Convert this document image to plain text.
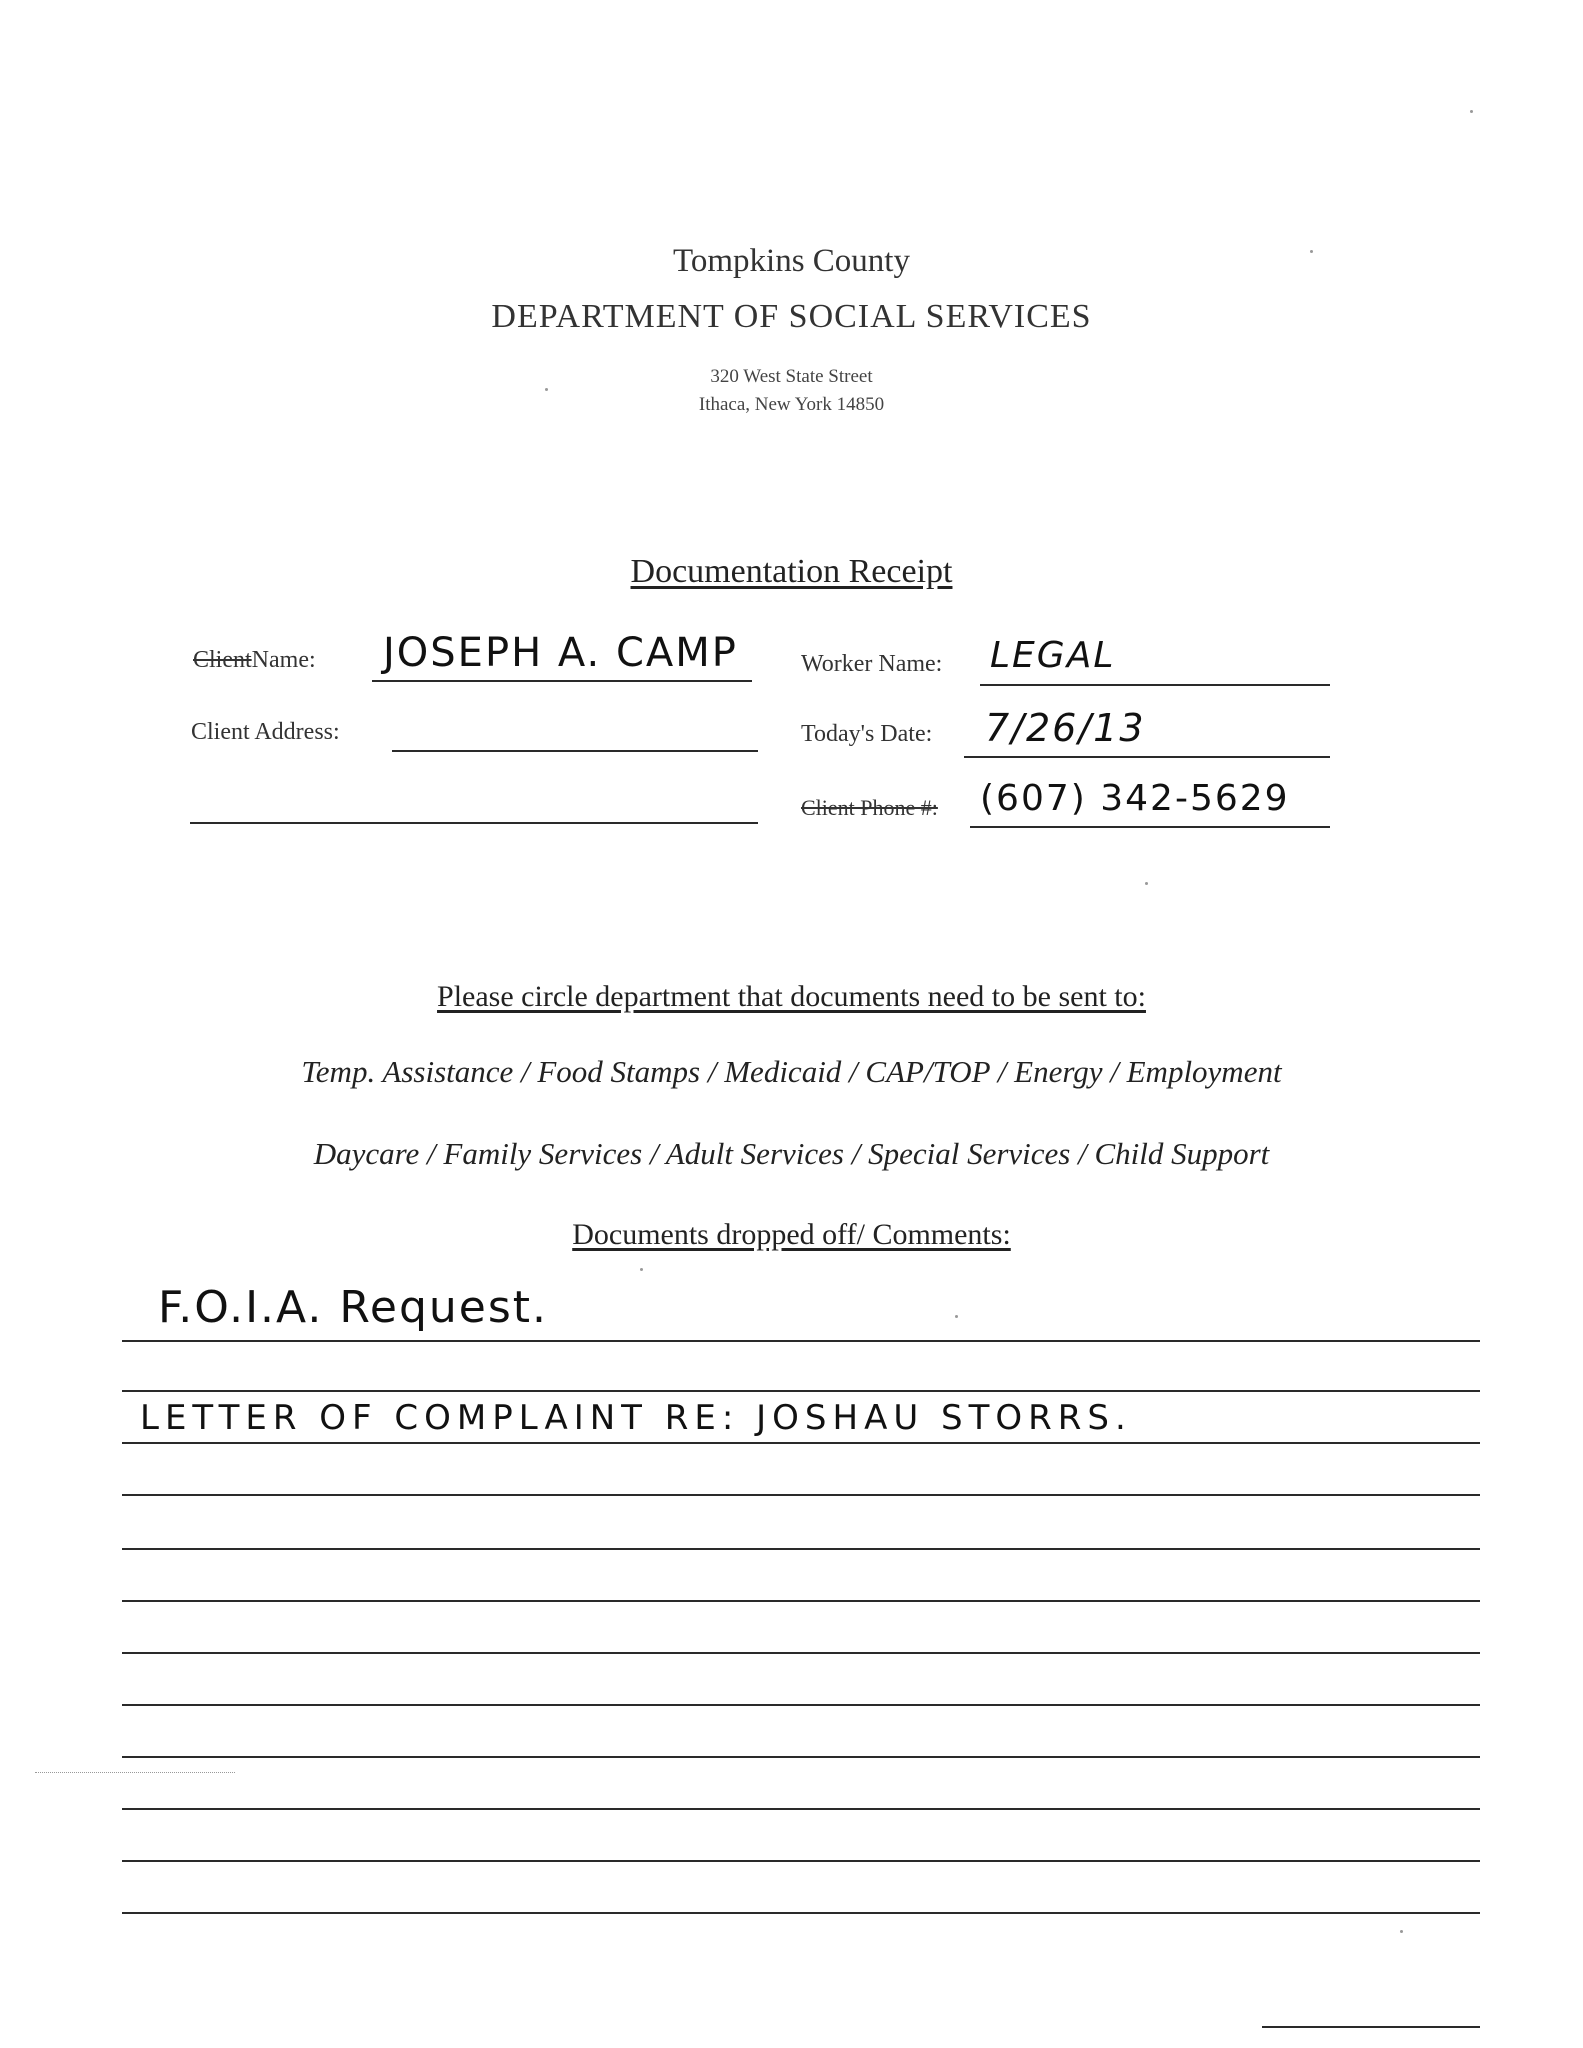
Tompkins County
DEPARTMENT OF SOCIAL SERVICES
320 West State Street
Ithaca, New York 14850
Documentation Receipt
ClientName: JOSEPH A. CAMP
Client Address:
Worker Name: LEGAL
Today's Date: 7/26/13
Client Phone #: (607) 342-5629
Please circle department that documents need to be sent to:
Temp. Assistance / Food Stamps / Medicaid / CAP/TOP / Energy / Employment
Daycare / Family Services / Adult Services / Special Services / Child Support
Documents dropped off/ Comments:
F.O.I.A. Request.
LETTER OF COMPLAINT RE: JOSHAU STORRS.
